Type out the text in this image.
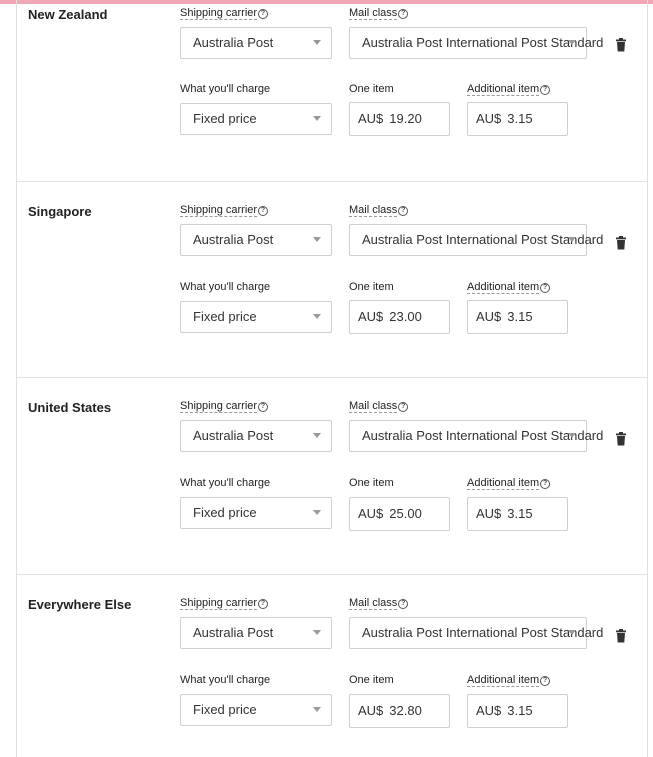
New Zealand	Shipping carrier ?
Australia Post
Mail class ?
Australia Post International Post Standard
What you'll charge
Fixed price
One item
AU$ 19.20
Additional item ?
AU$ 3.15
Singapore	Shipping carrier ?
Australia Post
Mail class ?
Australia Post International Post Standard
What you'll charge
Fixed price
One item
AU$ 23.00
Additional item ?
AU$ 3.15
United States	Shipping carrier ?
Australia Post
Mail class ?
Australia Post International Post Standard
What you'll charge
Fixed price
One item
AU$ 25.00
Additional item ?
AU$ 3.15
Everywhere Else	Shipping carrier ?
Australia Post
Mail class ?
Australia Post International Post Standard
What you'll charge
Fixed price
One item
AU$ 32.80
Additional item ?
AU$ 3.15
